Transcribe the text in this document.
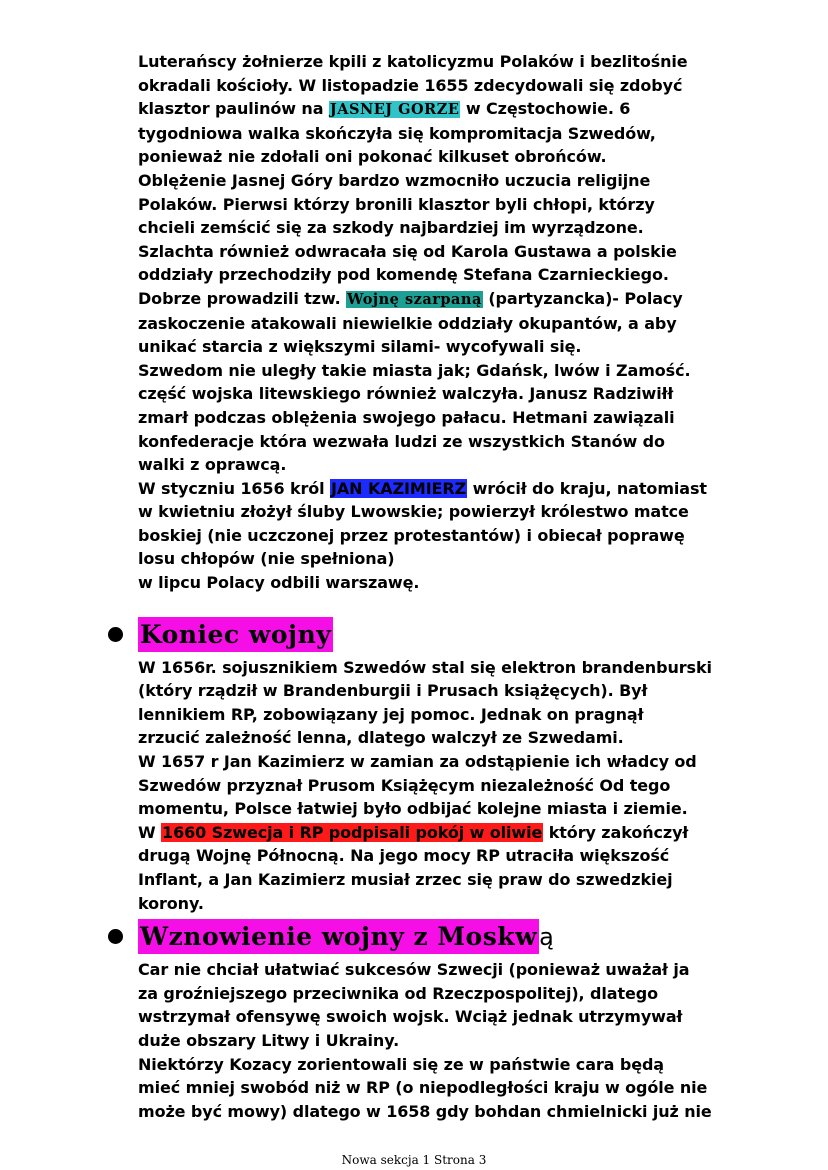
Luterańscy żołnierze kpili z katolicyzmu Polaków i bezlitośnie
okradali kościoły. W listopadzie 1655 zdecydowali się zdobyć
klasztor paulinów na JASNEJ GORZE w Częstochowie. 6
tygodniowa walka skończyła się kompromitacja Szwedów,
ponieważ nie zdołali oni pokonać kilkuset obrońców.
Oblężenie Jasnej Góry bardzo wzmocniło uczucia religijne
Polaków. Pierwsi którzy bronili klasztor byli chłopi, którzy
chcieli zemścić się za szkody najbardziej im wyrządzone.
Szlachta również odwracała się od Karola Gustawa a polskie
oddziały przechodziły pod komendę Stefana Czarnieckiego.
Dobrze prowadzili tzw. Wojnę szarpaną (partyzancka)- Polacy
zaskoczenie atakowali niewielkie oddziały okupantów, a aby
unikać starcia z większymi silami- wycofywali się.
Szwedom nie uległy takie miasta jak; Gdańsk, lwów i Zamość.
część wojska litewskiego również walczyła. Janusz Radziwiłł
zmarł podczas oblężenia swojego pałacu. Hetmani zawiązali
konfederacje która wezwała ludzi ze wszystkich Stanów do
walki z oprawcą.
W styczniu 1656 król JAN KAZIMIERZ wrócił do kraju, natomiast
w kwietniu złożył śluby Lwowskie; powierzył królestwo matce
boskiej (nie uczczonej przez protestantów) i obiecał poprawę
losu chłopów (nie spełniona)
w lipcu Polacy odbili warszawę.
Koniec wojny
W 1656r. sojusznikiem Szwedów stal się elektron brandenburski
(który rządził w Brandenburgii i Prusach książęcych). Był
lennikiem RP, zobowiązany jej pomoc. Jednak on pragnął
zrzucić zależność lenna, dlatego walczył ze Szwedami.
W 1657 r Jan Kazimierz w zamian za odstąpienie ich władcy od
Szwedów przyznał Prusom Książęcym niezależność Od tego
momentu, Polsce łatwiej było odbijać kolejne miasta i ziemie.
W 1660 Szwecja i RP podpisali pokój w oliwie który zakończył
drugą Wojnę Północną. Na jego mocy RP utraciła większość
Inflant, a Jan Kazimierz musiał zrzec się praw do szwedzkiej
korony.
Wznowienie wojny z Moskwą
Car nie chciał ułatwiać sukcesów Szwecji (ponieważ uważał ja
za groźniejszego przeciwnika od Rzeczpospolitej), dlatego
wstrzymał ofensywę swoich wojsk. Wciąż jednak utrzymywał
duże obszary Litwy i Ukrainy.
Niektórzy Kozacy zorientowali się ze w państwie cara będą
mieć mniej swobód niż w RP (o niepodległości kraju w ogóle nie
może być mowy) dlatego w 1658 gdy bohdan chmielnicki już nie
Nowa sekcja 1 Strona 3
